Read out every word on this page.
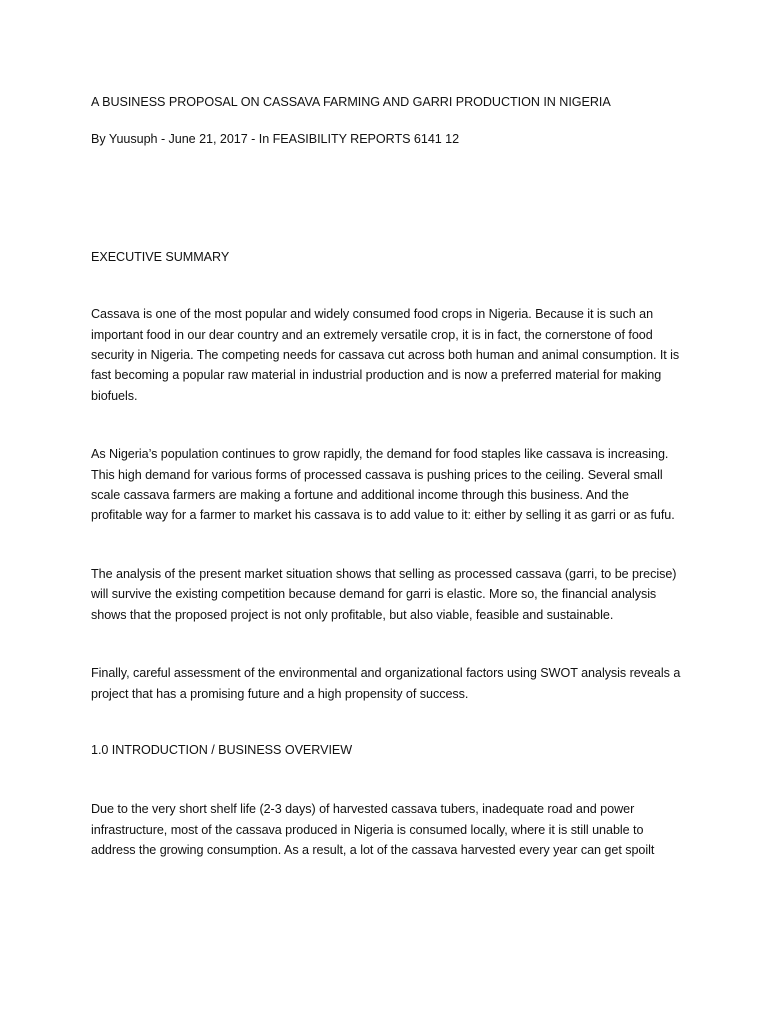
A BUSINESS PROPOSAL ON CASSAVA FARMING AND GARRI PRODUCTION IN NIGERIA

By Yuusuph - June 21, 2017 - In FEASIBILITY REPORTS 6141 12

EXECUTIVE SUMMARY

Cassava is one of the most popular and widely consumed food crops in Nigeria. Because it is such an important food in our dear country and an extremely versatile crop, it is in fact, the cornerstone of food security in Nigeria. The competing needs for cassava cut across both human and animal consumption. It is fast becoming a popular raw material in industrial production and is now a preferred material for making biofuels.

As Nigeria’s population continues to grow rapidly, the demand for food staples like cassava is increasing. This high demand for various forms of processed cassava is pushing prices to the ceiling. Several small scale cassava farmers are making a fortune and additional income through this business. And the profitable way for a farmer to market his cassava is to add value to it: either by selling it as garri or as fufu.

The analysis of the present market situation shows that selling as processed cassava (garri, to be precise) will survive the existing competition because demand for garri is elastic. More so, the financial analysis shows that the proposed project is not only profitable, but also viable, feasible and sustainable.

Finally, careful assessment of the environmental and organizational factors using SWOT analysis reveals a project that has a promising future and a high propensity of success.

1.0 INTRODUCTION / BUSINESS OVERVIEW

Due to the very short shelf life (2-3 days) of harvested cassava tubers, inadequate road and power infrastructure, most of the cassava produced in Nigeria is consumed locally, where it is still unable to address the growing consumption. As a result, a lot of the cassava harvested every year can get spoilt
